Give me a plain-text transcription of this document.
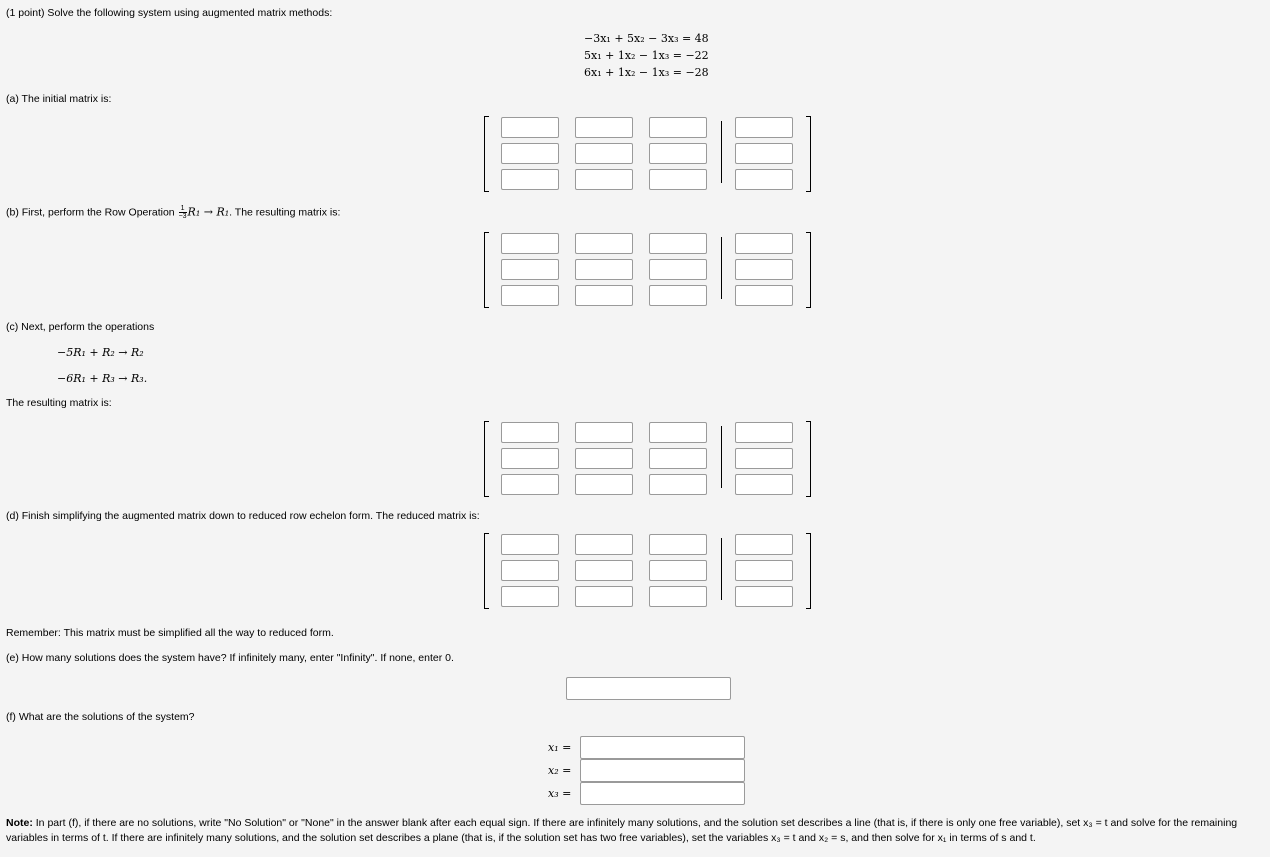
(1 point) Solve the following system using augmented matrix methods:
−3x₁ + 5x₂ − 3x₃ = 48
5x₁ + 1x₂ − 1x₃ = −22
6x₁ + 1x₂ − 1x₃ = −28
(a) The initial matrix is:
(b) First, perform the Row Operation $\frac{1}{-3} R_1 \to R_1$. The resulting matrix is:
(c) Next, perform the operations
−5R₁ + R₂ → R₂
−6R₁ + R₃ → R₃.
The resulting matrix is:
(d) Finish simplifying the augmented matrix down to reduced row echelon form. The reduced matrix is:
Remember: This matrix must be simplified all the way to reduced form.
(e) How many solutions does the system have? If infinitely many, enter "Infinity". If none, enter 0.
(f) What are the solutions of the system?
x₁ =
x₂ =
x₃ =
Note: In part (f), if there are no solutions, write "No Solution" or "None" in the answer blank after each equal sign. If there are infinitely many solutions, and the solution set describes a line (that is, if there is only one free variable), set x₃ = t and solve for the remaining variables in terms of t. If there are infinitely many solutions, and the solution set describes a plane (that is, if the solution set has two free variables), set the variables x₃ = t and x₂ = s, and then solve for x₁ in terms of s and t.
